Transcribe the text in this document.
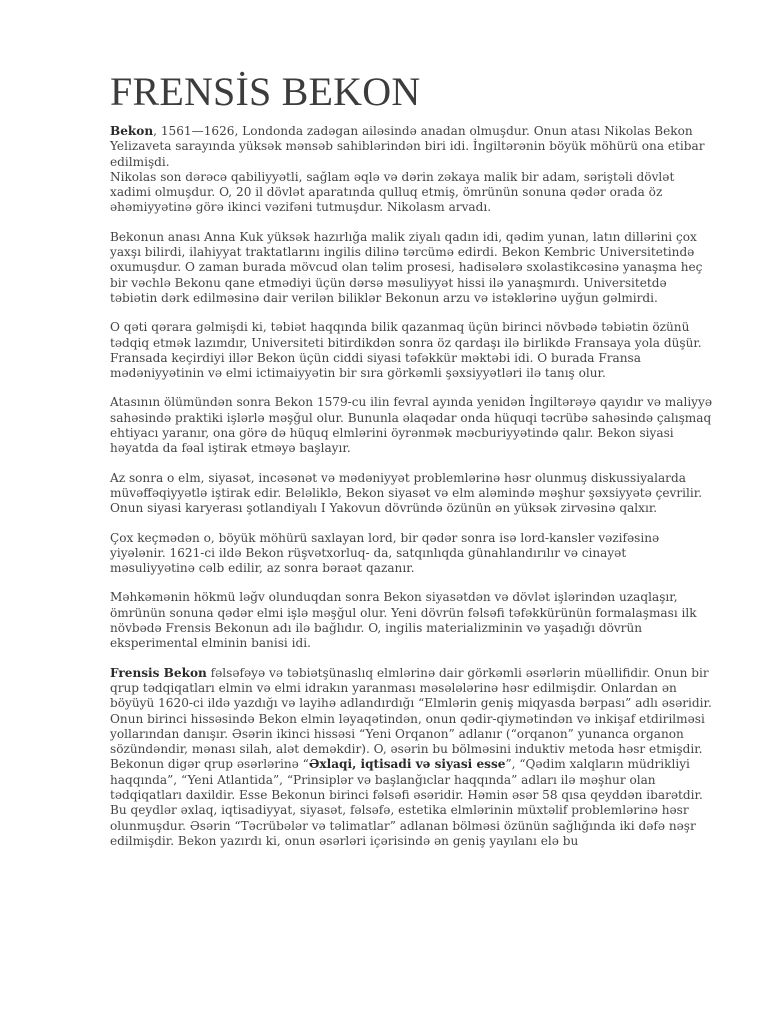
FRENSİS BEKON

Bekon, 1561—1626, Londonda zadəgan ailəsində anadan olmuşdur. Onun atası Nikolas Bekon Yelizaveta sarayında yüksək mənsəb sahiblərindən biri idi. İngiltərənin böyük möhürü ona etibar edilmişdi.

Nikolas son dərəcə qabiliyyətli, sağlam əqlə və dərin zəkaya malik bir adam, səriştəli dövlət xadimi olmuşdur. O, 20 il dövlət aparatında qulluq etmiş, ömrünün sonuna qədər orada öz əhəmiyyətinə görə ikinci vəzifəni tutmuşdur. Nikolasm arvadı.

Bekonun anası Anna Kuk yüksək hazırlığa malik ziyalı qadın idi, qədim yunan, latın dillərini çox yaxşı bilirdi, ilahiyyat traktatlarını ingilis dilinə tərcümə edirdi. Bekon Kembric Universitetində oxumuşdur. O zaman burada mövcud olan təlim prosesi, hadisələrə sxolastikcəsinə yanaşma heç bir vəchlə Bekonu qane etmədiyi üçün dərsə məsuliyyət hissi ilə yanaşmırdı. Universitetdə təbiətin dərk edilməsinə dair verilən biliklər Bekonun arzu və istəklərinə uyğun gəlmirdi.

O qəti qərara gəlmişdi ki, təbiət haqqında bilik qazanmaq üçün birinci növbədə təbiətin özünü tədqiq etmək lazımdır, Universiteti bitirdikdən sonra öz qardaşı ilə birlikdə Fransaya yola düşür. Fransada keçirdiyi illər Bekon üçün ciddi siyasi təfəkkür məktəbi idi. O burada Fransa mədəniyyətinin və elmi ictimaiyyətin bir sıra görkəmli şəxsiyyətləri ilə tanış olur.

Atasının ölümündən sonra Bekon 1579-cu ilin fevral ayında yenidən İngiltərəyə qayıdır və maliyyə sahəsində praktiki işlərlə məşğul olur. Bununla əlaqədar onda hüquqi təcrübə sahəsində çalışmaq ehtiyacı yaranır, ona görə də hüquq elmlərini öyrənmək məcburiyyətində qalır. Bekon siyasi həyatda da fəal iştirak etməyə başlayır.

Az sonra o elm, siyasət, incəsənət və mədəniyyət problemlərinə həsr olunmuş diskussiyalarda müvəffəqiyyətlə iştirak edir. Beləliklə, Bekon siyasət və elm aləmində məşhur şəxsiyyətə çevrilir. Onun siyasi karyerası şotlandiyalı I Yakovun dövründə özünün ən yüksək zirvəsinə qalxır.

Çox keçmədən o, böyük möhürü saxlayan lord, bir qədər sonra isə lord-kansler vəzifəsinə yiyələnir. 1621-ci ildə Bekon rüşvətxorluq- da, satqınlıqda günahlandırılır və cinayət məsuliyyətinə cəlb edilir, az sonra bəraət qazanır.

Məhkəmənin hökmü ləğv olunduqdan sonra Bekon siyasətdən və dövlət işlərindən uzaqlaşır, ömrünün sonuna qədər elmi işlə məşğul olur. Yeni dövrün fəlsəfi təfəkkürünün formalaşması ilk növbədə Frensis Bekonun adı ilə bağlıdır. O, ingilis materializminin və yaşadığı dövrün eksperimental elminin banisi idi.

Frensis Bekon fəlsəfəyə və təbiətşünaslıq elmlərinə dair görkəmli əsərlərin müəllifidir. Onun bir qrup tədqiqatları elmin və elmi idrakın yaranması məsələlərinə həsr edilmişdir. Onlardan ən böyüyü 1620-ci ildə yazdığı və layihə adlandırdığı “Elmlərin geniş miqyasda bərpası” adlı əsəridir. Onun birinci hissəsində Bekon elmin ləyaqətindən, onun qədir-qiymətindən və inkişaf etdirilməsi yollarından danışır. Əsərin ikinci hissəsi “Yeni Orqanon” adlanır (“orqanon” yunanca organon sözündəndir, mənası silah, alət deməkdir). O, əsərin bu bölməsini induktiv metoda həsr etmişdir.

Bekonun digər qrup əsərlərinə “Əxlaqi, iqtisadi və siyasi esse”, “Qədim xalqların müdrikliyi haqqında”, “Yeni Atlantida”, “Prinsiplər və başlanğıclar haqqında” adları ilə məşhur olan tədqiqatları daxildir. Esse Bekonun birinci fəlsəfi əsəridir. Həmin əsər 58 qısa qeyddən ibarətdir.

Bu qeydlər əxlaq, iqtisadiyyat, siyasət, fəlsəfə, estetika elmlərinin müxtəlif problemlərinə həsr olunmuşdur. Əsərin “Təcrübələr və təlimatlar” adlanan bölməsi özünün sağlığında iki dəfə nəşr edilmişdir. Bekon yazırdı ki, onun əsərləri içərisində ən geniş yayılanı elə bu
